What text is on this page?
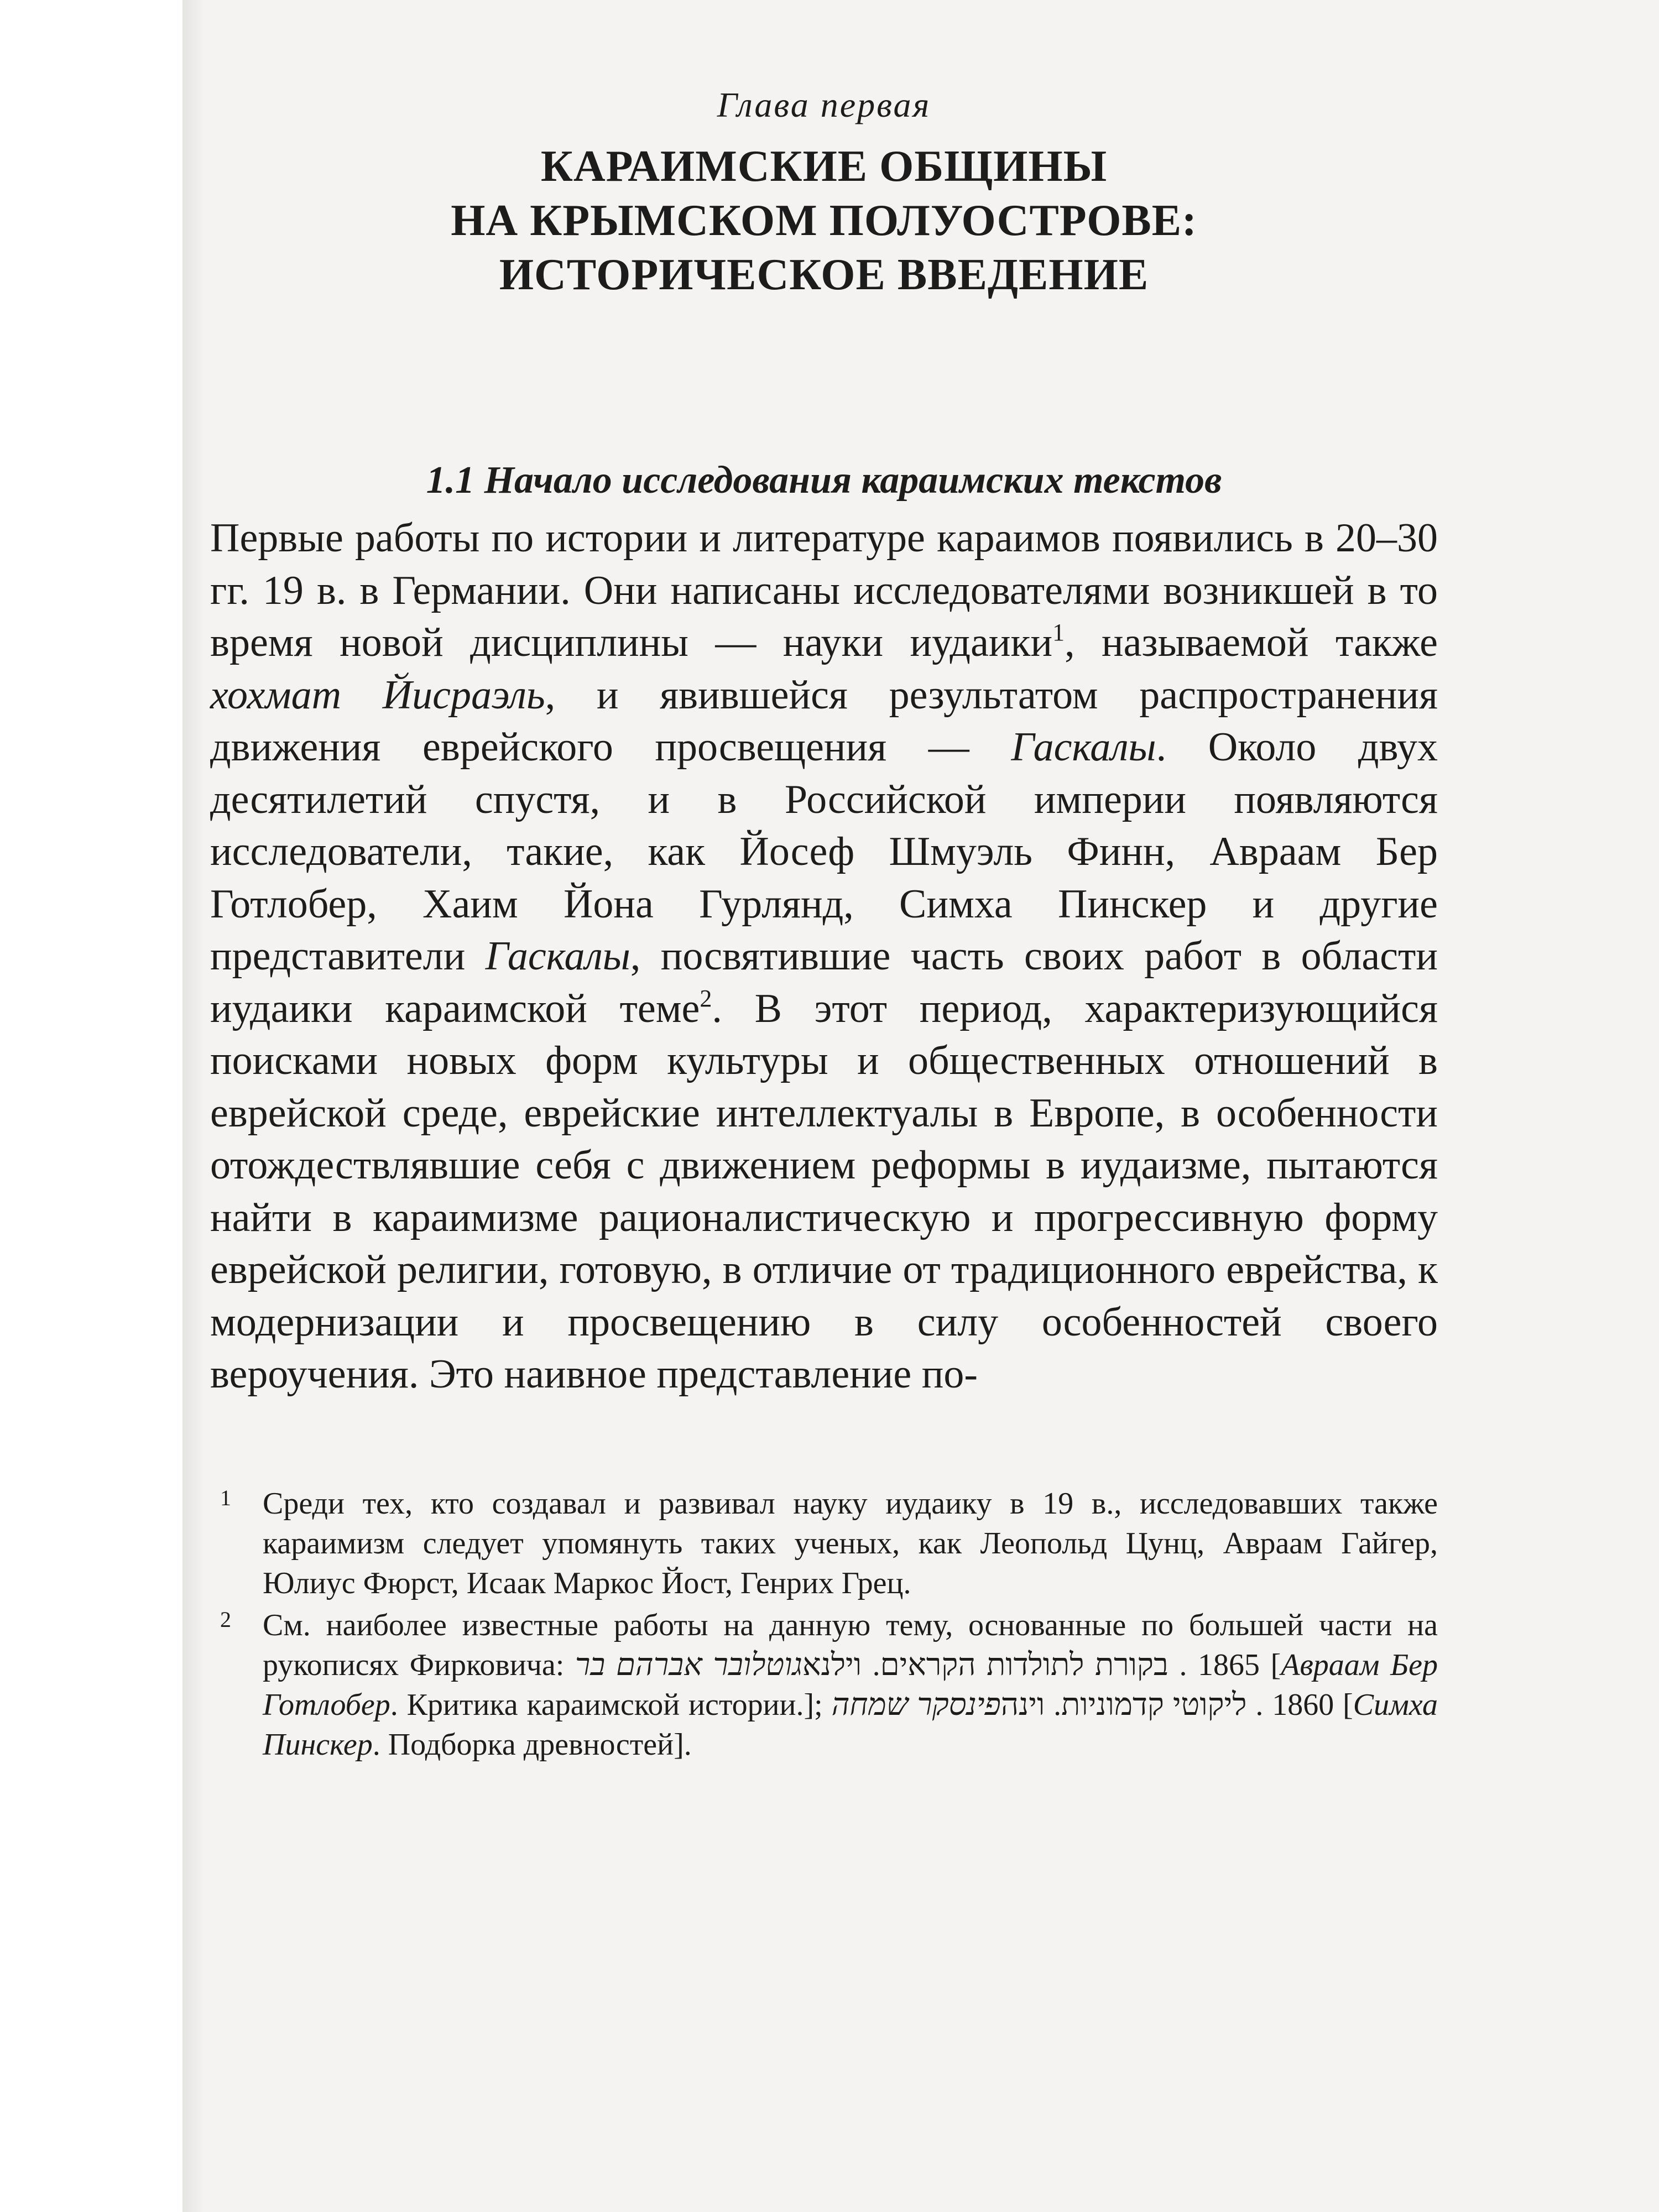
Глава первая
КАРАИМСКИЕ ОБЩИНЫ
НА КРЫМСКОМ ПОЛУОСТРОВЕ:
ИСТОРИЧЕСКОЕ ВВЕДЕНИЕ
1.1 Начало исследования караимских текстов

Первые работы по истории и литературе караимов появились в 20–30 гг. 19 в. в Германии. Они написаны исследователями возникшей в то время новой дисциплины — науки иудаики$^1$, называемой также хохмат Йисраэль, и явившейся результатом распространения движения еврейского просвещения — Гаскалы. Около двух десятилетий спустя, и в Российской империи появляются исследователи, такие, как Йосеф Шмуэль Финн, Авраам Бер Готлобер, Хаим Йона Гурлянд, Симха Пинскер и другие представители Гаскалы, посвятившие часть своих работ в области иудаики караимской теме$^2$. В этот период, характеризующийся поисками новых форм культуры и общественных отношений в еврейской среде, еврейские интеллектуалы в Европе, в особенности отождествлявшие себя с движением реформы в иудаизме, пытаются найти в караимизме рационалистическую и прогрессивную форму еврейской религии, готовую, в отличие от традиционного еврейства, к модернизации и просвещению в силу особенностей своего вероучения. Это наивное представление по-

1 Среди тех, кто создавал и развивал науку иудаику в 19 в., исследовавших также караимизм следует упомянуть таких ученых, как Леопольд Цунц, Авраам Гайгер, Юлиус Фюрст, Исаак Маркос Йост, Генрих Грец.

2 См. наиболее известные работы на данную тему, основанные по большей части на рукописях Фирковича: גוטלובר אברהם בר. בקורת לתולדות הקראים. וילנא 1865 [Авраам Бер Готлобер. Критика караимской истории.]; פינסקר שמחה. ליקוטי קדמוניות. וינה 1860 [Симха Пинскер. Подборка древностей].
